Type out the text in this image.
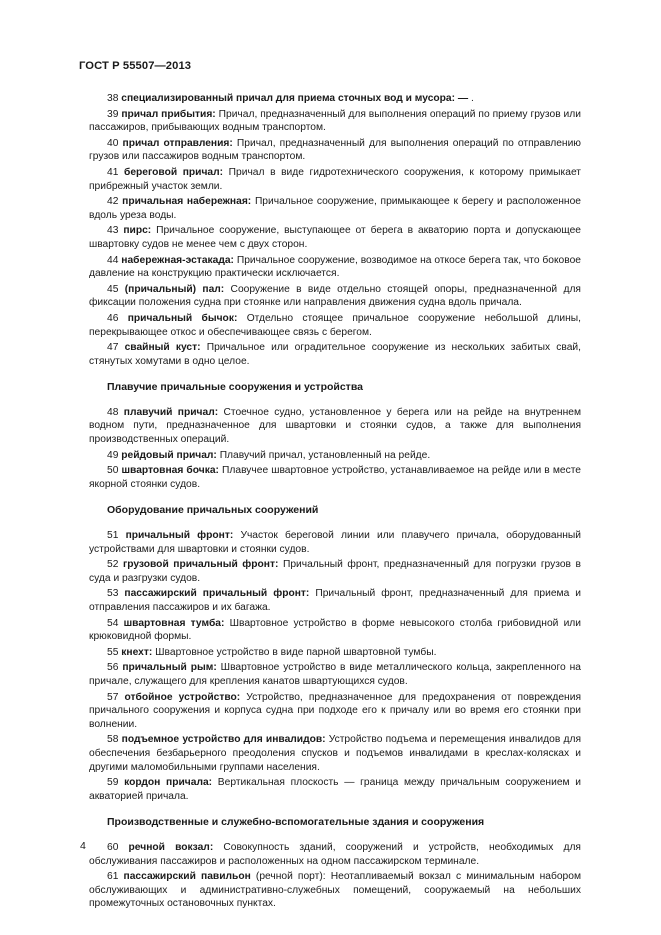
ГОСТ Р 55507—2013
38 специализированный причал для приема сточных вод и мусора: — .
39 причал прибытия: Причал, предназначенный для выполнения операций по приему грузов или пассажиров, прибывающих водным транспортом.
40 причал отправления: Причал, предназначенный для выполнения операций по отправлению грузов или пассажиров водным транспортом.
41 береговой причал: Причал в виде гидротехнического сооружения, к которому примыкает прибрежный участок земли.
42 причальная набережная: Причальное сооружение, примыкающее к берегу и расположенное вдоль уреза воды.
43 пирс: Причальное сооружение, выступающее от берега в акваторию порта и допускающее швартовку судов не менее чем с двух сторон.
44 набережная-эстакада: Причальное сооружение, возводимое на откосе берега так, что боковое давление на конструкцию практически исключается.
45 (причальный) пал: Сооружение в виде отдельно стоящей опоры, предназначенной для фиксации положения судна при стоянке или направления движения судна вдоль причала.
46 причальный бычок: Отдельно стоящее причальное сооружение небольшой длины, перекрывающее откос и обеспечивающее связь с берегом.
47 свайный куст: Причальное или оградительное сооружение из нескольких забитых свай, стянутых хомутами в одно целое.
Плавучие причальные сооружения и устройства
48 плавучий причал: Стоечное судно, установленное у берега или на рейде на внутреннем водном пути, предназначенное для швартовки и стоянки судов, а также для выполнения производственных операций.
49 рейдовый причал: Плавучий причал, установленный на рейде.
50 швартовная бочка: Плавучее швартовное устройство, устанавливаемое на рейде или в месте якорной стоянки судов.
Оборудование причальных сооружений
51 причальный фронт: Участок береговой линии или плавучего причала, оборудованный устройствами для швартовки и стоянки судов.
52 грузовой причальный фронт: Причальный фронт, предназначенный для погрузки грузов в суда и разгрузки судов.
53 пассажирский причальный фронт: Причальный фронт, предназначенный для приема и отправления пассажиров и их багажа.
54 швартовная тумба: Швартовное устройство в форме невысокого столба грибовидной или крюковидной формы.
55 кнехт: Швартовное устройство в виде парной швартовной тумбы.
56 причальный рым: Швартовное устройство в виде металлического кольца, закрепленного на причале, служащего для крепления канатов швартующихся судов.
57 отбойное устройство: Устройство, предназначенное для предохранения от повреждения причального сооружения и корпуса судна при подходе его к причалу или во время его стоянки при волнении.
58 подъемное устройство для инвалидов: Устройство подъема и перемещения инвалидов для обеспечения безбарьерного преодоления спусков и подъемов инвалидами в креслах-колясках и другими маломобильными группами населения.
59 кордон причала: Вертикальная плоскость — граница между причальным сооружением и акваторией причала.
Производственные и служебно-вспомогательные здания и сооружения
60 речной вокзал: Совокупность зданий, сооружений и устройств, необходимых для обслуживания пассажиров и расположенных на одном пассажирском терминале.
61 пассажирский павильон (речной порт): Неотапливаемый вокзал с минимальным набором обслуживающих и административно-служебных помещений, сооружаемый на небольших промежуточных остановочных пунктах.
4
